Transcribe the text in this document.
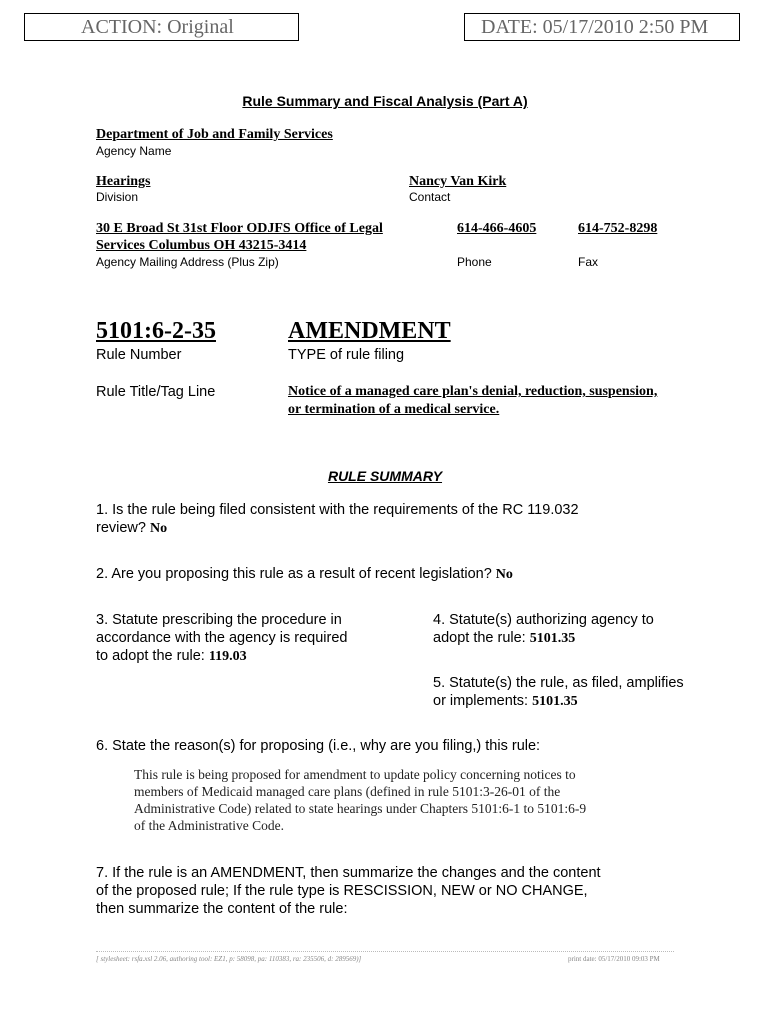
ACTION: Original	DATE: 05/17/2010 2:50 PM
Rule Summary and Fiscal Analysis (Part A)
Department of Job and Family Services
Agency Name
Hearings
Division
Nancy Van Kirk
Contact
30 E Broad St 31st Floor ODJFS Office of Legal
Services Columbus OH 43215-3414
Agency Mailing Address (Plus Zip)
614-466-4605
Phone
614-752-8298
Fax
5101:6-2-35
Rule Number
AMENDMENT
TYPE of rule filing
Rule Title/Tag Line	Notice of a managed care plan's denial, reduction, suspension,
or termination of a medical service.
RULE SUMMARY
1. Is the rule being filed consistent with the requirements of the RC 119.032
review? No
2. Are you proposing this rule as a result of recent legislation? No
3. Statute prescribing the procedure in
accordance with the agency is required
to adopt the rule: 119.03
4. Statute(s) authorizing agency to
adopt the rule: 5101.35
5. Statute(s) the rule, as filed, amplifies
or implements: 5101.35
6. State the reason(s) for proposing (i.e., why are you filing,) this rule:
This rule is being proposed for amendment to update policy concerning notices to
members of Medicaid managed care plans (defined in rule 5101:3-26-01 of the
Administrative Code) related to state hearings under Chapters 5101:6-1 to 5101:6-9
of the Administrative Code.
7. If the rule is an AMENDMENT, then summarize the changes and the content
of the proposed rule; If the rule type is RESCISSION, NEW or NO CHANGE,
then summarize the content of the rule:
[ stylesheet: rsfa.xsl 2.06, authoring tool: EZ1, p: 58098, pa: 110383, ra: 235506, d: 289569)]	print date: 05/17/2010 09:03 PM
